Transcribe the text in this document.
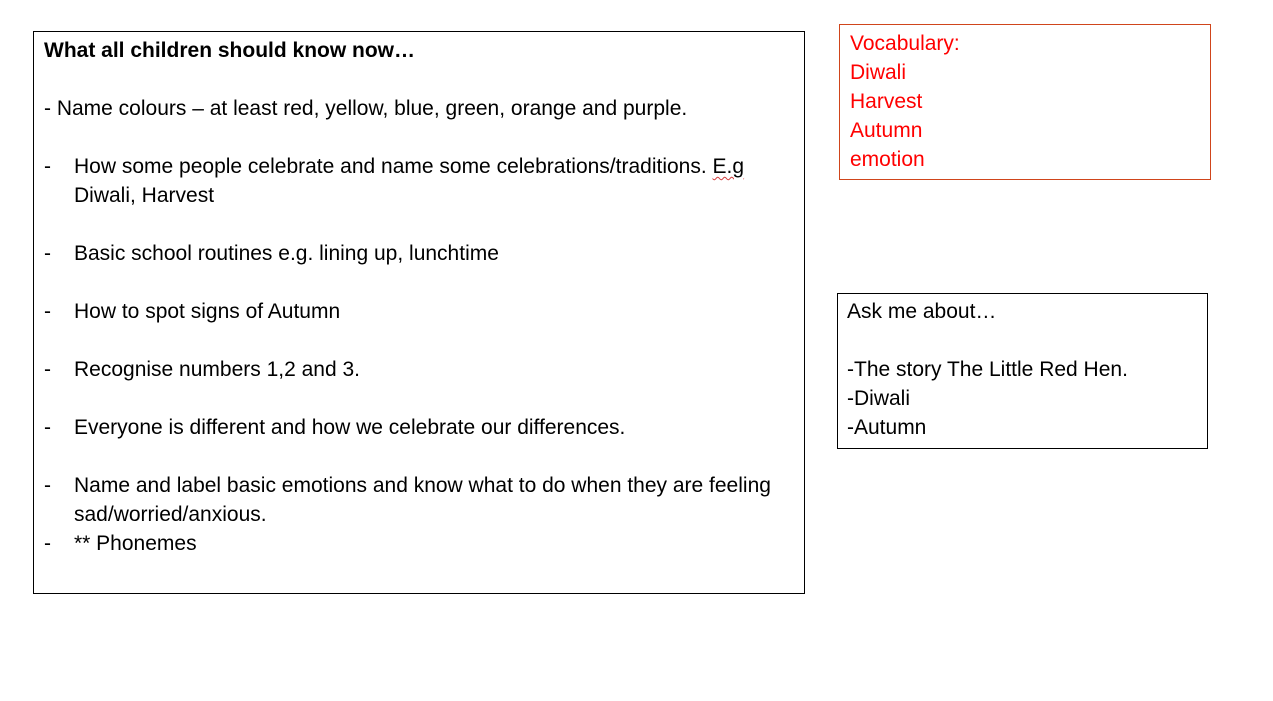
What all children should know now…

- Name colours – at least red, yellow, blue, green, orange and purple.

-	How some people celebrate and name some celebrations/traditions. E.g
Diwali, Harvest
-	Basic school routines e.g. lining up, lunchtime
-	How to spot signs of Autumn
-	Recognise numbers 1,2 and 3.
-	Everyone is different and how we celebrate our differences.
-	Name and label basic emotions and know what to do when they are feeling sad/worried/anxious.
-	** Phonemes

Vocabulary:

Diwali

Harvest

Autumn

emotion

Ask me about…

-The story The Little Red Hen.

-Diwali

-Autumn
